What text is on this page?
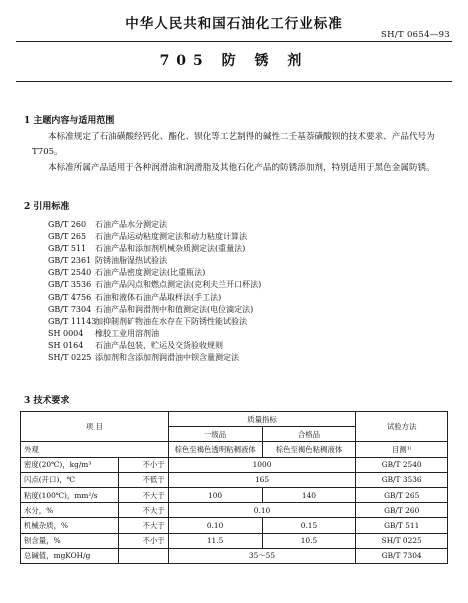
中华人民共和国石油化工行业标准
SH/T 0654—93
705 防 锈 剂
1 主题内容与适用范围
本标准规定了石油磺酸经钙化、酯化、钡化等工艺制得的碱性二壬基萘磺酸钡的技术要求、产品代号为T705。
本标准所属产品适用于各种润滑油和润滑脂及其他石化产品的防锈添加剂，特别适用于黑色金属防锈。
2 引用标准
GB/T 260 石油产品水分测定法
GB/T 265 石油产品运动粘度测定法和动力粘度计算法
GB/T 511 石油产品和添加剂机械杂质测定法(重量法)
GB/T 2361 防锈油脂湿热试验法
GB/T 2540 石油产品密度测定法(比重瓶法)
GB/T 3536 石油产品闪点和燃点测定法(克利夫兰开口杯法)
GB/T 4756 石油和液体石油产品取样法(手工法)
GB/T 7304 石油产品和润滑剂中和值测定法(电位滴定法)
GB/T 11143加抑制剂矿物油在水存在下防锈性能试验法
SH 0004 橡胶工业用溶剂油
SH 0164 石油产品包装、贮运及交货验收规则
SH/T 0225 添加剂和含添加剂润滑油中钡含量测定法
3 技术要求
项 目		质量指标		试验方法
		一级品	合格品	
外观		棕色至褐色透明粘稠液体	棕色至褐色粘稠液体	目测¹⁾
密度(20℃)，kg/m³	不小于	1000		GB/T 2540
闪点(开口)，℃	不低于	165		GB/T 3536
粘度(100℃)，mm²/s	不大于	100	140	GB/T 265
水分，%	不大于	0.10		GB/T 260
机械杂质，%	不大于	0.10	0.15	GB/T 511
钡含量，%	不小于	11.5	10.5	SH/T 0225
总碱值，mgKOH/g		35～55		GB/T 7304
